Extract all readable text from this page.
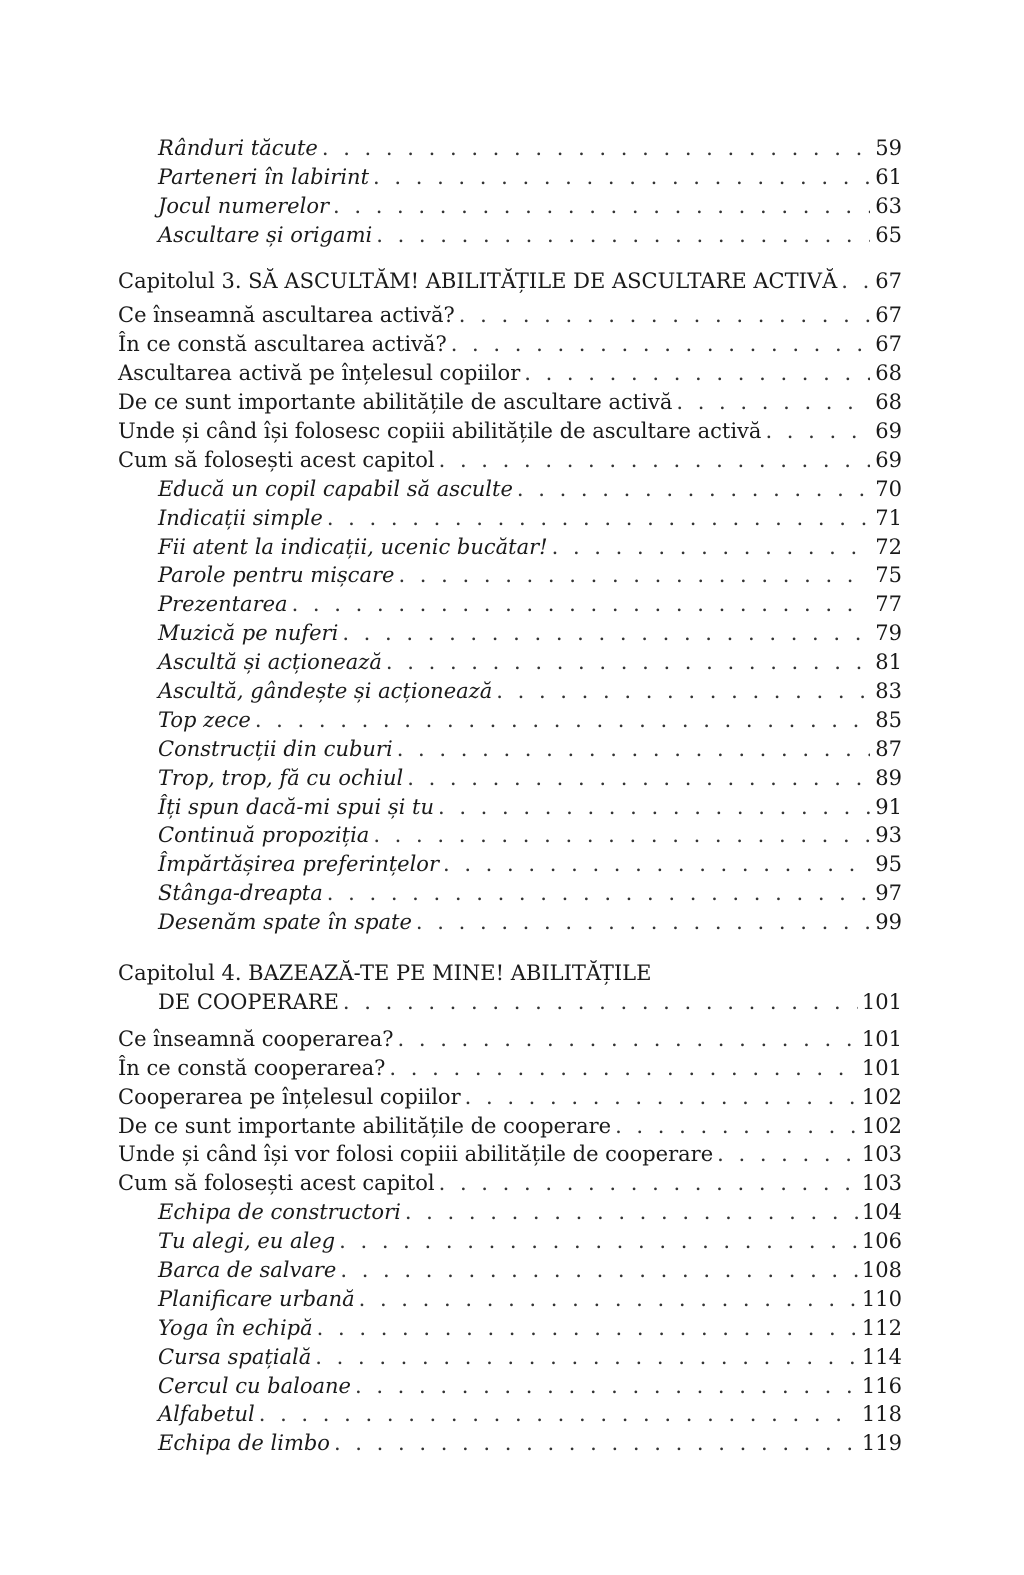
Rânduri tăcute . . .	59
Parteneri în labirint . . .	61
Jocul numerelor . . .	63
Ascultare și origami . . .	65
Capitolul 3. SĂ ASCULTĂM! ABILITĂȚILE DE ASCULTARE ACTIVĂ . . . 67
Ce înseamnă ascultarea activă? . . .	67
În ce constă ascultarea activă? . . .	67
Ascultarea activă pe înțelesul copiilor . . .	68
De ce sunt importante abilitățile de ascultare activă . . .	68
Unde și când își folosesc copiii abilitățile de ascultare activă . . .	69
Cum să folosești acest capitol . . .	69
Educă un copil capabil să asculte . . .	70
Indicații simple . . .	71
Fii atent la indicații, ucenic bucătar! . . .	72
Parole pentru mișcare . . .	75
Prezentarea . . .	77
Muzică pe nuferi . . .	79
Ascultă și acționează . . .	81
Ascultă, gândește și acționează . . .	83
Top zece . . .	85
Construcții din cuburi . . .	87
Trop, trop, fă cu ochiul . . .	89
Îți spun dacă-mi spui și tu . . .	91
Continuă propoziția . . .	93
Împărtășirea preferințelor . . .	95
Stânga-dreapta . . .	97
Desenăm spate în spate . . .	99
Capitolul 4. BAZEAZĂ-TE PE MINE! ABILITĂȚILE
DE COOPERARE . . .	101
Ce înseamnă cooperarea? . . .	101
În ce constă cooperarea? . . .	101
Cooperarea pe înțelesul copiilor . . .	102
De ce sunt importante abilitățile de cooperare . . .	102
Unde și când își vor folosi copiii abilitățile de cooperare . . .	103
Cum să folosești acest capitol . . .	103
Echipa de constructori . . .	104
Tu alegi, eu aleg . . .	106
Barca de salvare . . .	108
Planificare urbană . . .	110
Yoga în echipă . . .	112
Cursa spațială . . .	114
Cercul cu baloane . . .	116
Alfabetul . . .	118
Echipa de limbo . . .	119
